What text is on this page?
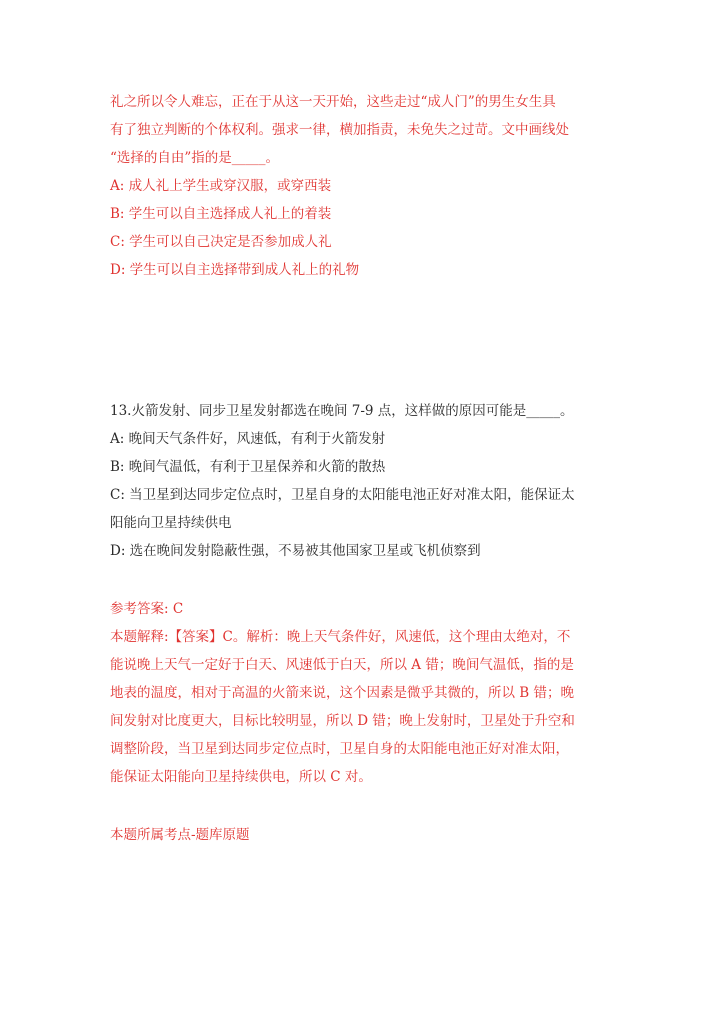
礼之所以令人难忘，正在于从这一天开始，这些走过“成人门”的男生女生具
有了独立判断的个体权利。强求一律，横加指责，未免失之过苛。文中画线处
“选择的自由”指的是_____。
A: 成人礼上学生或穿汉服，或穿西装
B: 学生可以自主选择成人礼上的着装
C: 学生可以自己决定是否参加成人礼
D: 学生可以自主选择带到成人礼上的礼物
13.火箭发射、同步卫星发射都选在晚间 7-9 点，这样做的原因可能是_____。
A: 晚间天气条件好，风速低，有利于火箭发射
B: 晚间气温低，有利于卫星保养和火箭的散热
C: 当卫星到达同步定位点时，卫星自身的太阳能电池正好对准太阳，能保证太
阳能向卫星持续供电
D: 选在晚间发射隐蔽性强，不易被其他国家卫星或飞机侦察到
参考答案: C
本题解释:【答案】C。解析：晚上天气条件好，风速低，这个理由太绝对，不
能说晚上天气一定好于白天、风速低于白天，所以 A 错；晚间气温低，指的是
地表的温度，相对于高温的火箭来说，这个因素是微乎其微的，所以 B 错；晚
间发射对比度更大，目标比较明显，所以 D 错；晚上发射时，卫星处于升空和
调整阶段，当卫星到达同步定位点时，卫星自身的太阳能电池正好对准太阳，
能保证太阳能向卫星持续供电，所以 C 对。
本题所属考点-题库原题
